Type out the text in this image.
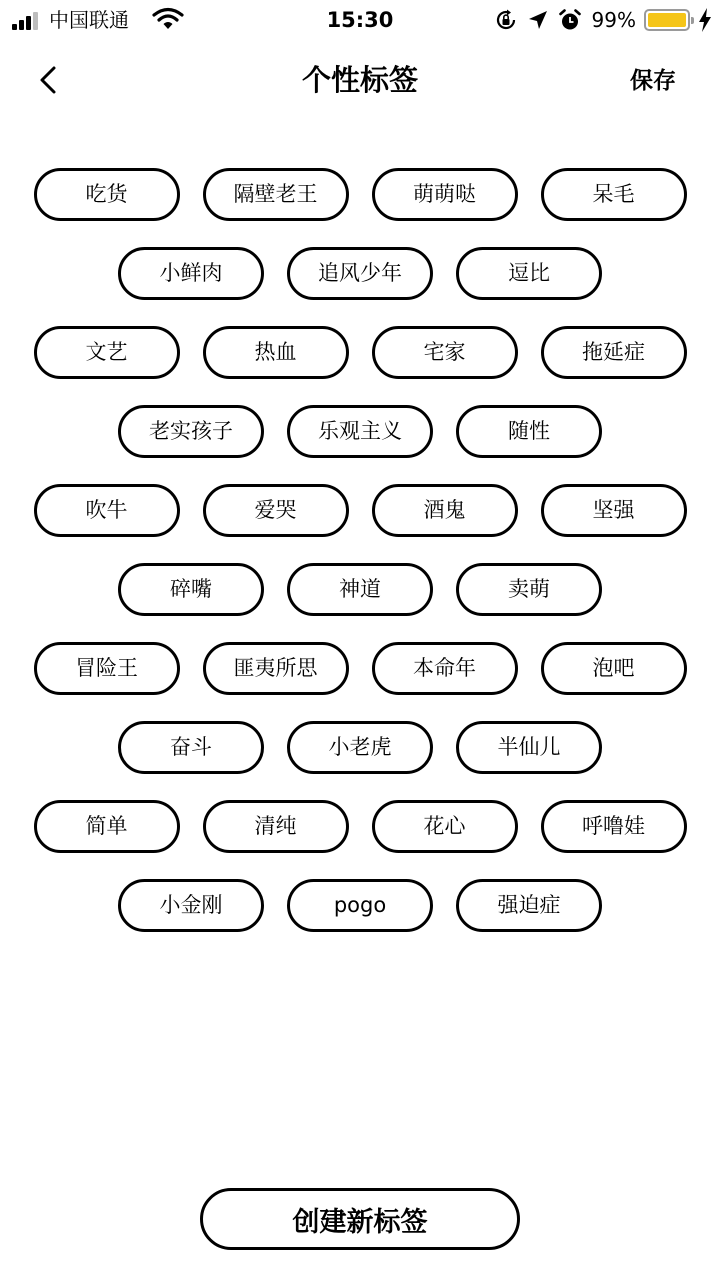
中国联通	15:30	99%
个性标签	保存
吃货	隔壁老王	萌萌哒	呆毛
小鲜肉	追风少年	逗比
文艺	热血	宅家	拖延症
老实孩子	乐观主义	随性
吹牛	爱哭	酒鬼	坚强
碎嘴	神道	卖萌
冒险王	匪夷所思	本命年	泡吧
奋斗	小老虎	半仙儿
简单	清纯	花心	呼噜娃
小金刚	pogo	强迫症
创建新标签
